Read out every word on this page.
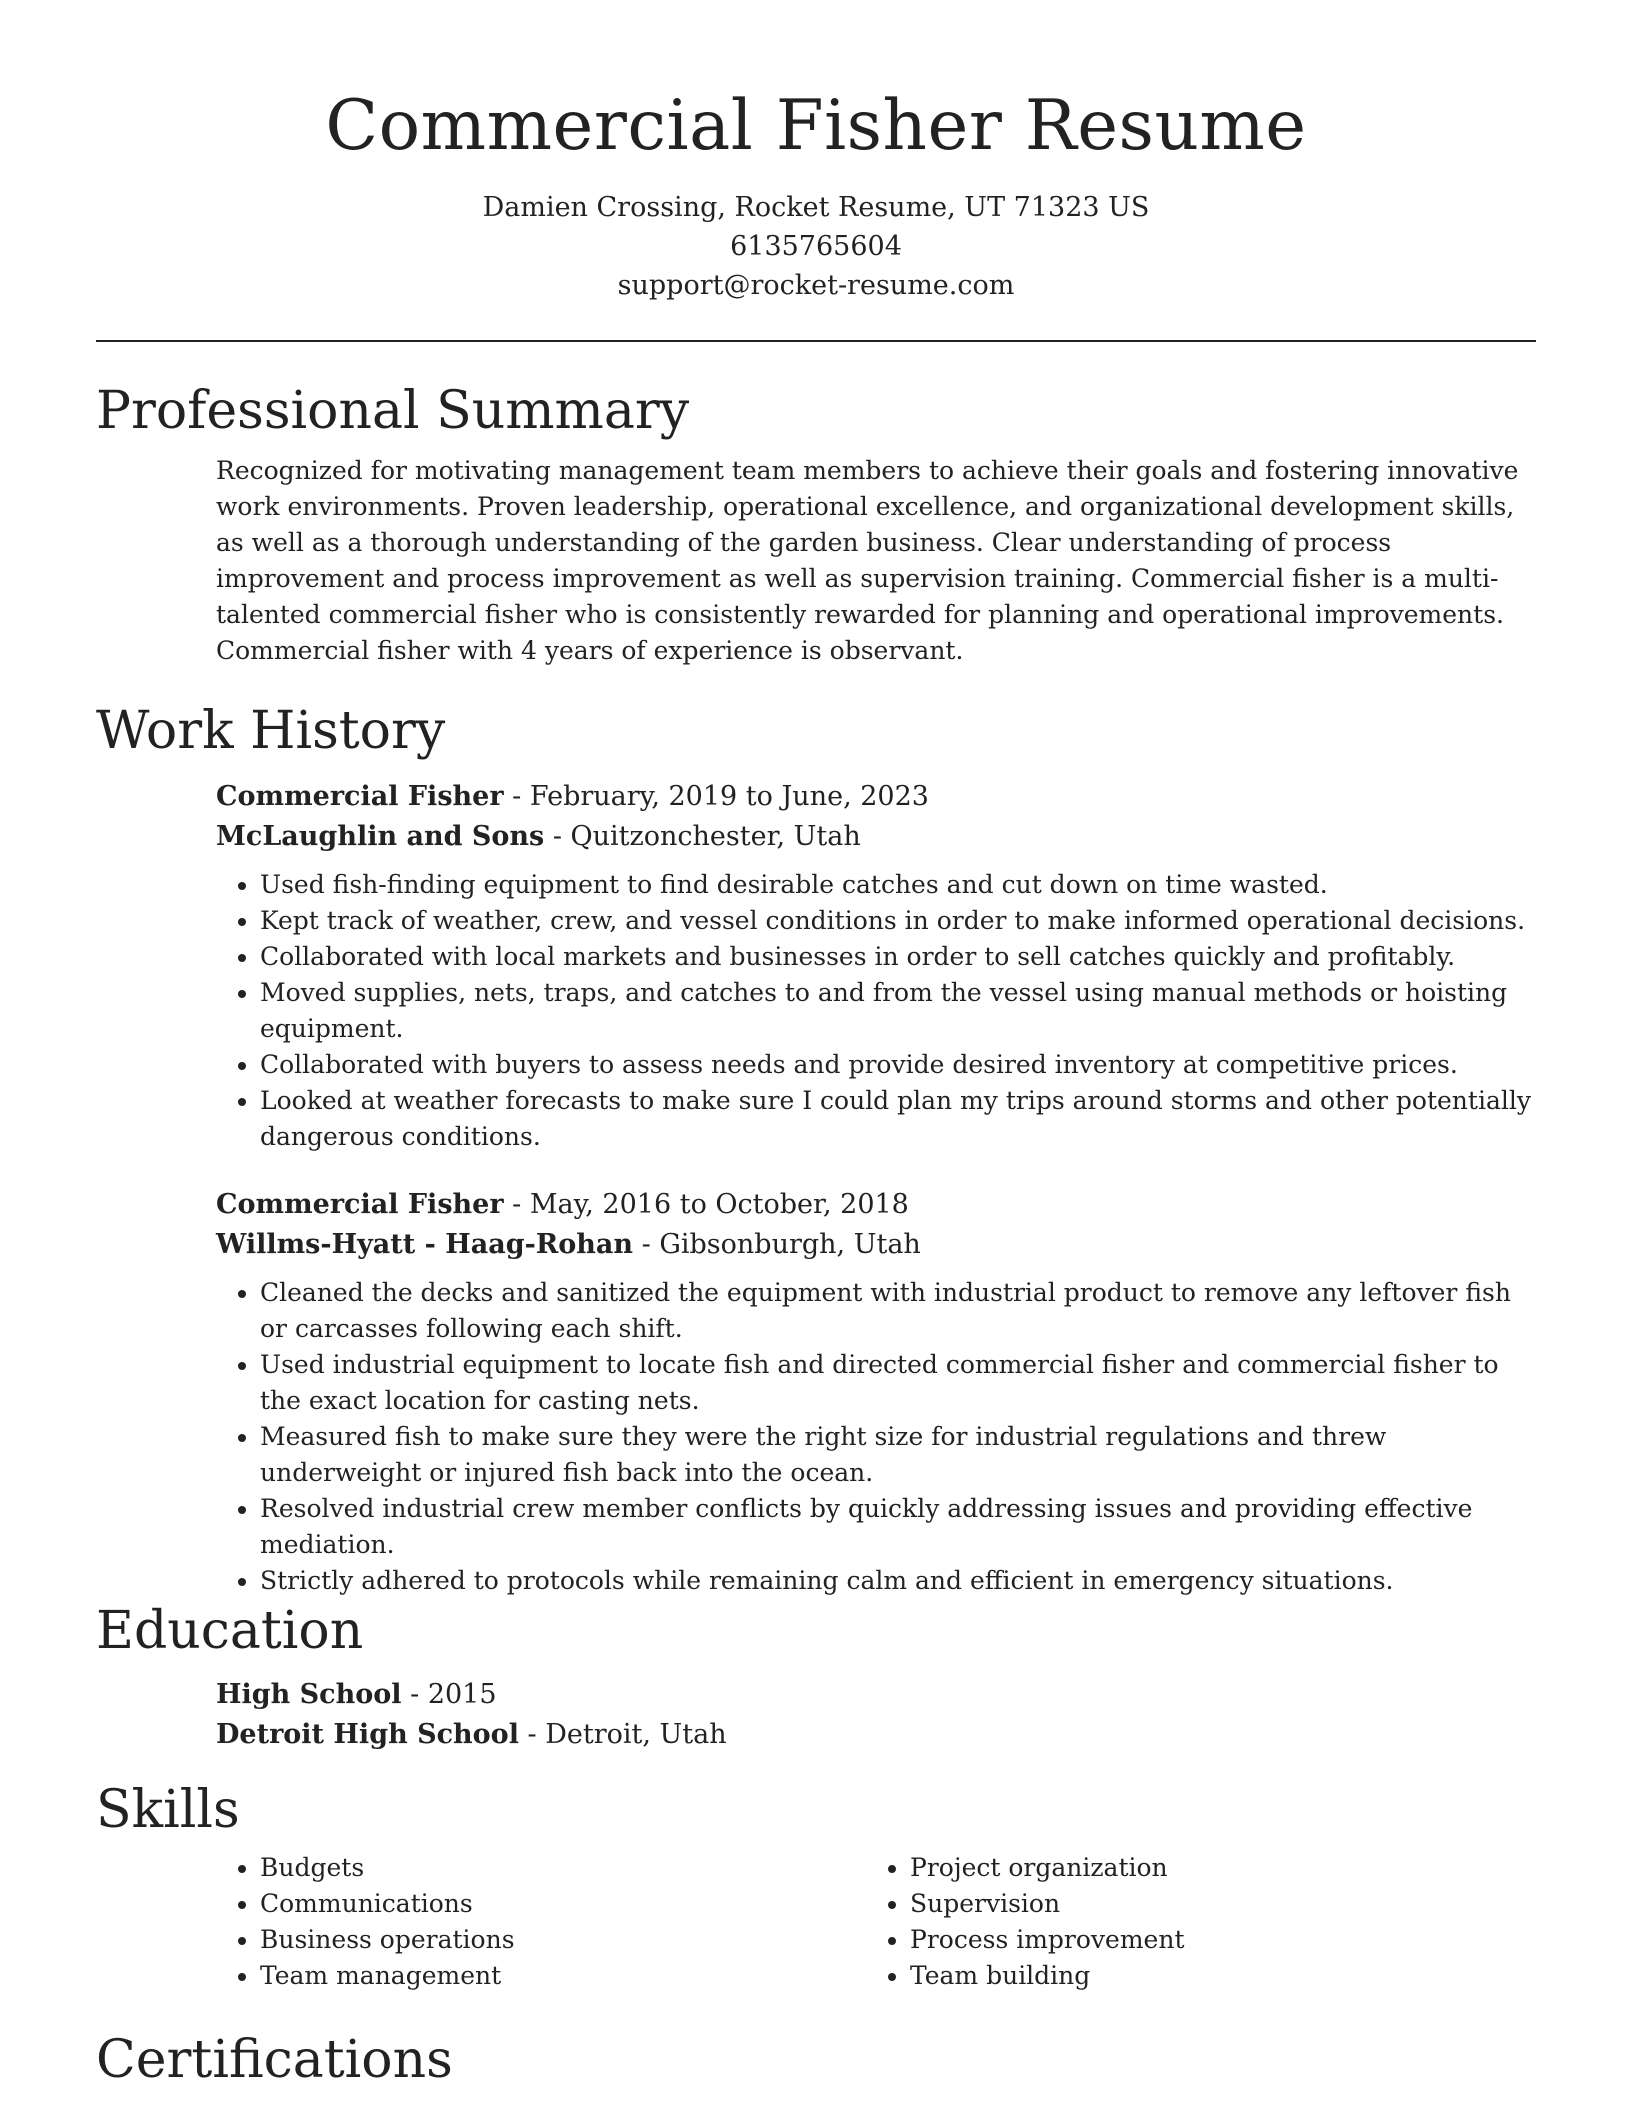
Commercial Fisher Resume
Damien Crossing, Rocket Resume, UT 71323 US
6135765604
support@rocket-resume.com
Professional Summary

Recognized for motivating management team members to achieve their goals and fostering innovative work environments. Proven leadership, operational excellence, and organizational development skills, as well as a thorough understanding of the garden business. Clear understanding of process improvement and process improvement as well as supervision training. Commercial fisher is a multi-talented commercial fisher who is consistently rewarded for planning and operational improvements. Commercial fisher with 4 years of experience is observant.

Work History
Commercial Fisher - February, 2019 to June, 2023
McLaughlin and Sons - Quitzonchester, Utah
• Used fish-finding equipment to find desirable catches and cut down on time wasted.
• Kept track of weather, crew, and vessel conditions in order to make informed operational decisions.
• Collaborated with local markets and businesses in order to sell catches quickly and profitably.
• Moved supplies, nets, traps, and catches to and from the vessel using manual methods or hoisting equipment.
• Collaborated with buyers to assess needs and provide desired inventory at competitive prices.
• Looked at weather forecasts to make sure I could plan my trips around storms and other potentially dangerous conditions.
Commercial Fisher - May, 2016 to October, 2018
Willms-Hyatt - Haag-Rohan - Gibsonburgh, Utah
• Cleaned the decks and sanitized the equipment with industrial product to remove any leftover fish or carcasses following each shift.
• Used industrial equipment to locate fish and directed commercial fisher and commercial fisher to the exact location for casting nets.
• Measured fish to make sure they were the right size for industrial regulations and threw underweight or injured fish back into the ocean.
• Resolved industrial crew member conflicts by quickly addressing issues and providing effective mediation.
• Strictly adhered to protocols while remaining calm and efficient in emergency situations.
Education
High School - 2015
Detroit High School - Detroit, Utah
Skills
• Budgets
• Communications
• Business operations
• Team management
• Project organization
• Supervision
• Process improvement
• Team building
Certifications
